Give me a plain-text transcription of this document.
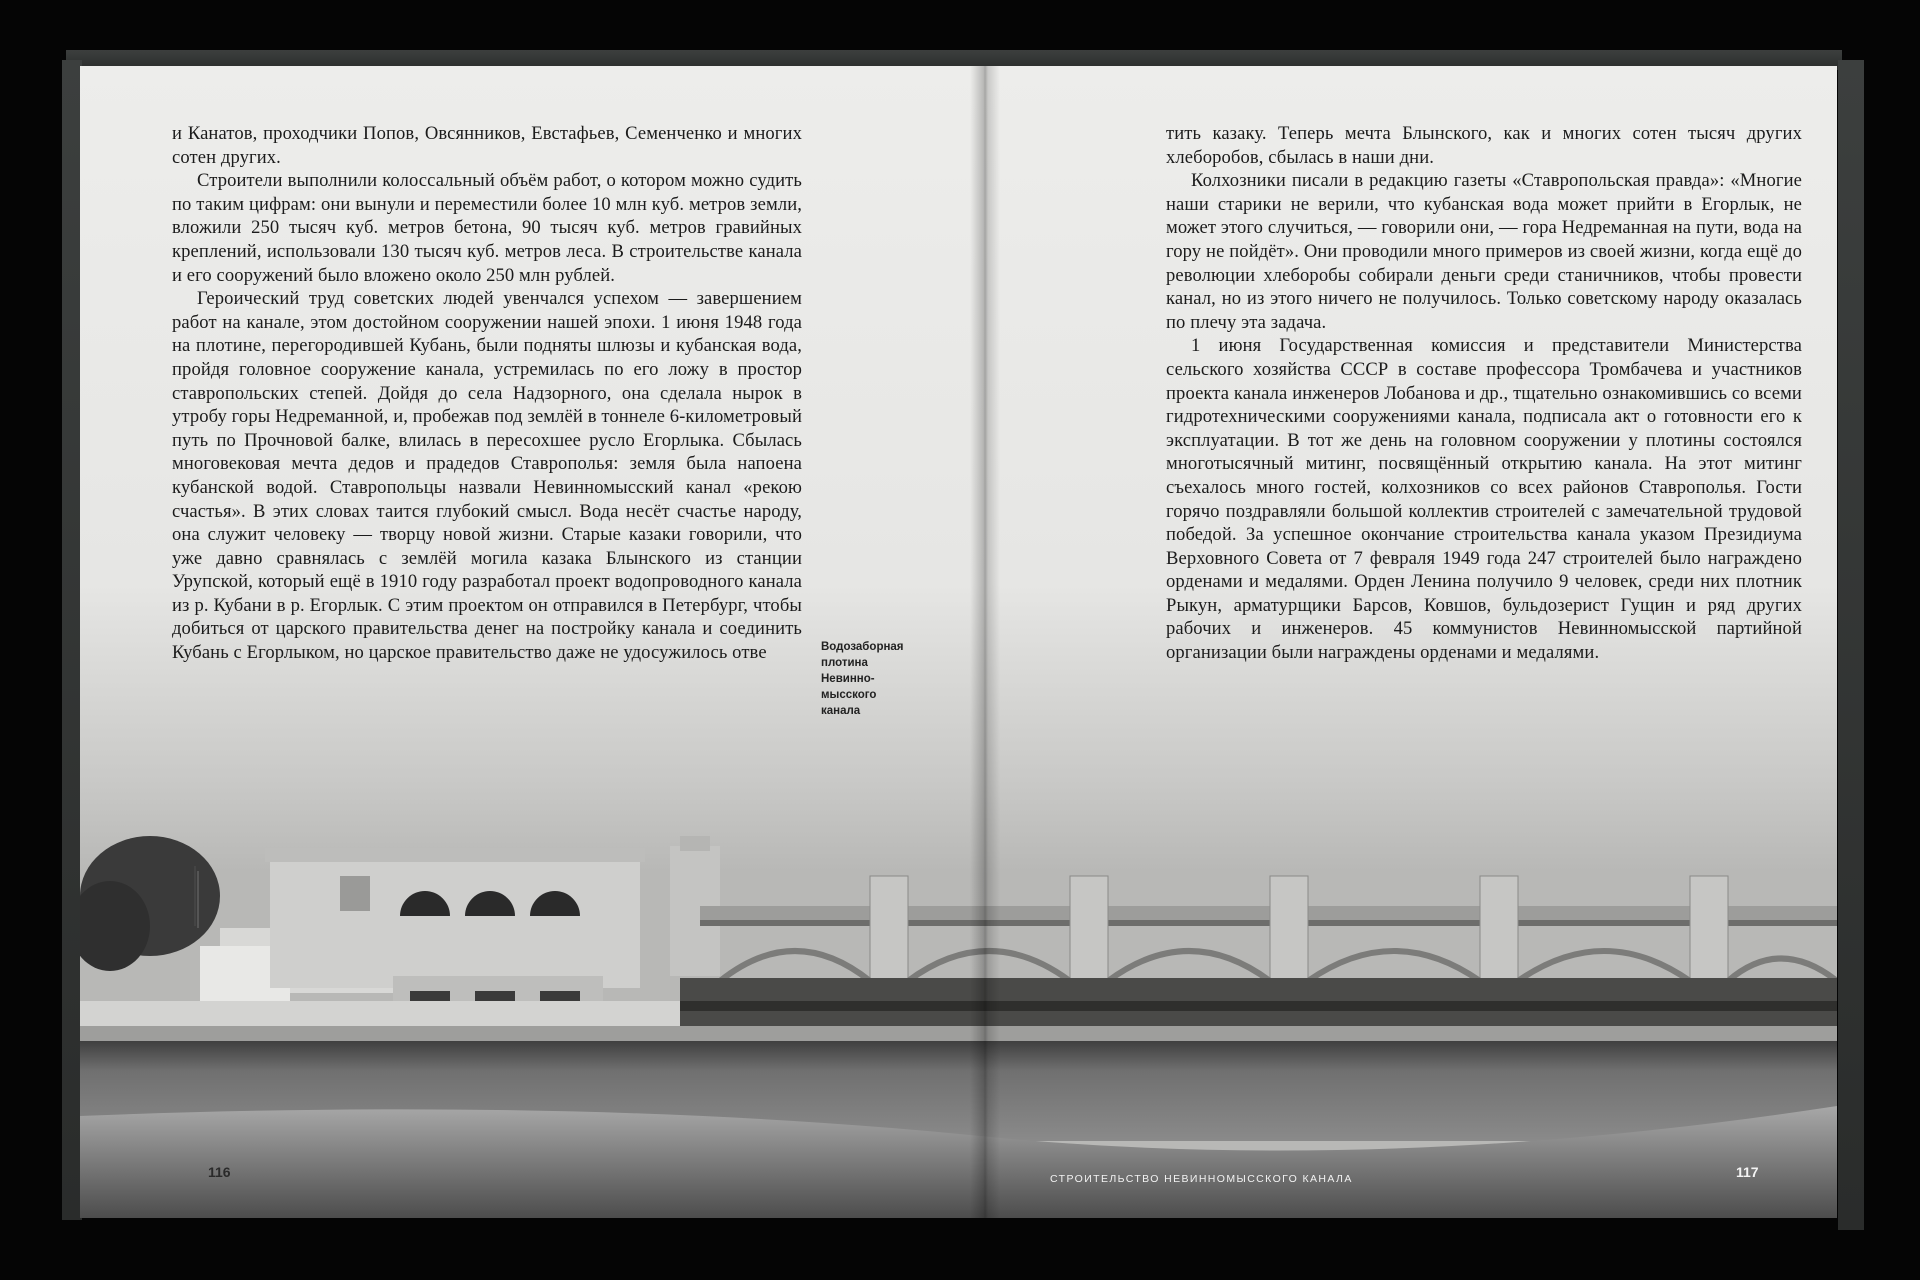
и Канатов, проходчики Попов, Овсянников, Евстафьев, Семенченко и многих сотен других.

Строители выполнили колоссальный объём работ, о котором можно судить по таким цифрам: они вынули и переместили более 10 млн куб. метров земли, вложили 250 тысяч куб. метров бетона, 90 тысяч куб. метров гравийных креплений, использовали 130 тысяч куб. метров леса. В строительстве канала и его сооружений было вложено около 250 млн рублей.

Героический труд советских людей увенчался успехом — завершением работ на канале, этом достойном сооружении нашей эпохи. 1 июня 1948 года на плотине, перегородившей Кубань, были подняты шлюзы и кубанская вода, пройдя головное сооружение канала, устремилась по его ложу в простор ставропольских степей. Дойдя до села Надзорного, она сделала нырок в утробу горы Недреманной, и, пробежав под землёй в тоннеле 6-километровый путь по Прочновой балке, влилась в пересохшее русло Егорлыка. Сбылась многовековая мечта дедов и прадедов Ставрополья: земля была напоена кубанской водой. Ставропольцы назвали Невинномысский канал «рекою счастья». В этих словах таится глубокий смысл. Вода несёт счастье народу, она служит человеку — творцу новой жизни. Старые казаки говорили, что уже давно сравнялась с землёй могила казака Блынского из станции Урупской, который ещё в 1910 году разработал проект водопроводного канала из р. Кубани в р. Егорлык. С этим проектом он отправился в Петербург, чтобы добиться от царского правительства денег на постройку канала и соединить Кубань с Егорлыком, но царское правительство даже не удосужилось отве	Водозаборная плотина Невинномысского канала

тить казаку. Теперь мечта Блынского, как и многих сотен тысяч других хлеборобов, сбылась в наши дни.

Колхозники писали в редакцию газеты «Ставропольская правда»: «Многие наши старики не верили, что кубанская вода может прийти в Егорлык, не может этого случиться, — говорили они, — гора Недреманная на пути, вода на гору не пойдёт». Они проводили много примеров из своей жизни, когда ещё до революции хлеборобы собирали деньги среди станичников, чтобы провести канал, но из этого ничего не получилось. Только советскому народу оказалась по плечу эта задача.

1 июня Государственная комиссия и представители Министерства сельского хозяйства СССР в составе профессора Тромбачева и участников проекта канала инженеров Лобанова и др., тщательно ознакомившись со всеми гидротехническими сооружениями канала, подписала акт о готовности его к эксплуатации. В тот же день на головном сооружении у плотины состоялся многотысячный митинг, посвящённый открытию канала. На этот митинг съехалось много гостей, колхозников со всех районов Ставрополья. Гости горячо поздравляли большой коллектив строителей с замечательной трудовой победой. За успешное окончание строительства канала указом Президиума Верховного Совета от 7 февраля 1949 года 247 строителей было награждено орденами и медалями. Орден Ленина получило 9 человек, среди них плотник Рыкун, арматурщики Барсов, Ковшов, бульдозерист Гущин и ряд других рабочих и инженеров. 45 коммунистов Невинномысской партийной организации были награждены орденами и медалями.

116	СТРОИТЕЛЬСТВО НЕВИННОМЫССКОГО КАНАЛА	117
